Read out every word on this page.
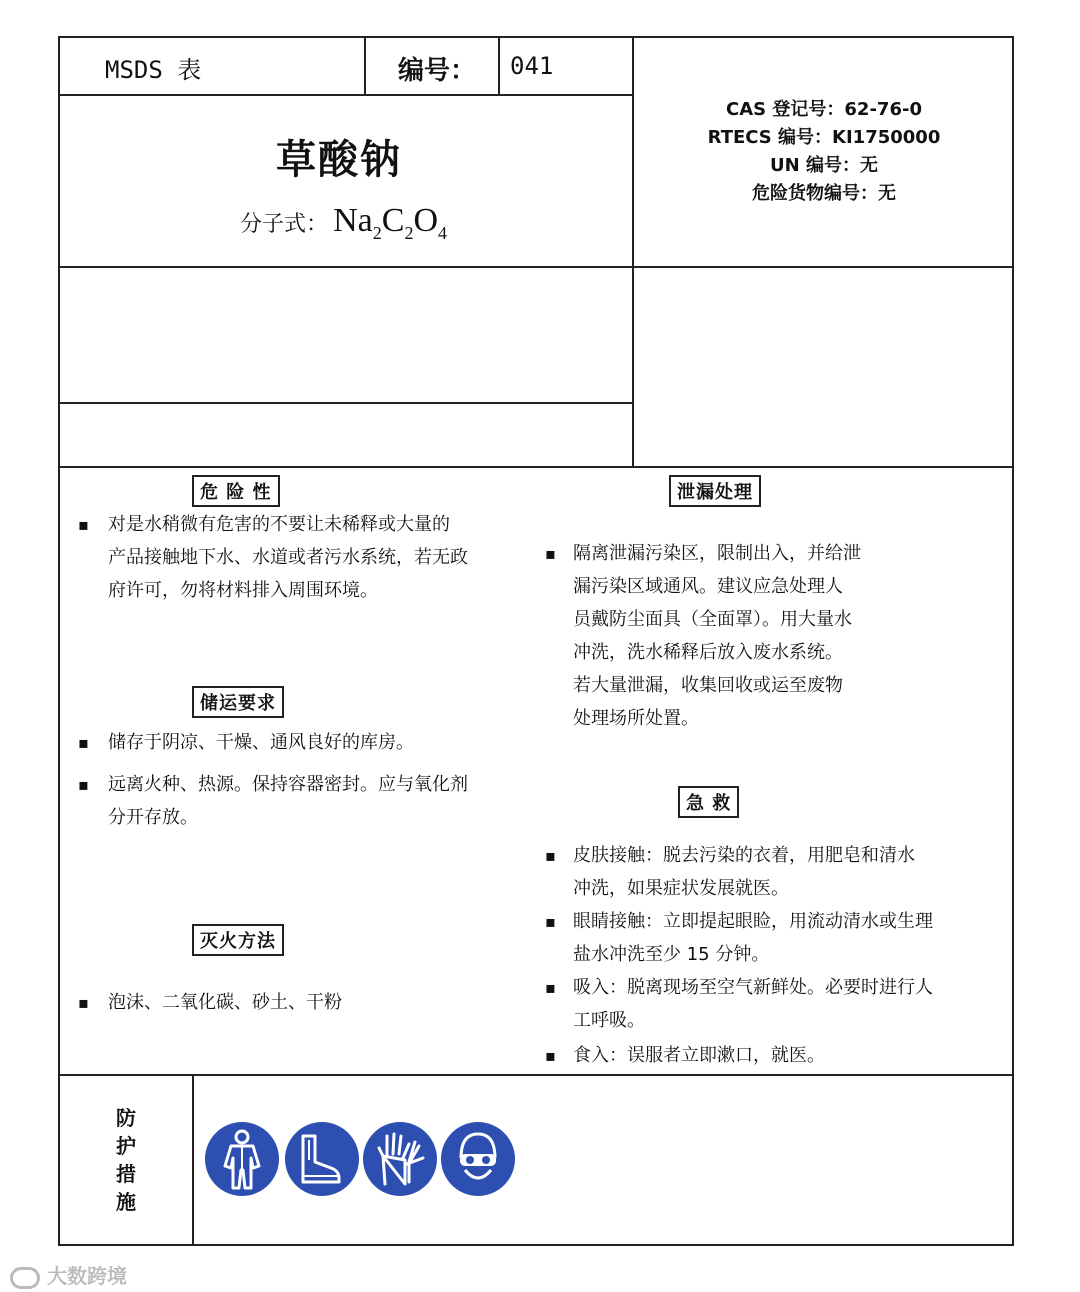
MSDS 表	编号： 041
草酸钠
分子式： $Na_2C_2O_4$
CAS 登记号：62-76-0
RTECS 编号：KI1750000
UN 编号：无
危险货物编号：无
危 险 性
▪ 对是水稍微有危害的不要让未稀释或大量的
产品接触地下水、水道或者污水系统，若无政
府许可，勿将材料排入周围环境。
储运要求
▪ 储存于阴凉、干燥、通风良好的库房。
▪ 远离火种、热源。保持容器密封。应与氧化剂
分开存放。
灭火方法
▪ 泡沫、二氧化碳、砂土、干粉
泄漏处理
▪ 隔离泄漏污染区，限制出入，并给泄
漏污染区域通风。建议应急处理人
员戴防尘面具（全面罩）。用大量水
冲洗，洗水稀释后放入废水系统。
若大量泄漏，收集回收或运至废物
处理场所处置。
急 救
▪ 皮肤接触：脱去污染的衣着，用肥皂和清水
冲洗，如果症状发展就医。
▪ 眼睛接触：立即提起眼睑，用流动清水或生理
盐水冲洗至少 15 分钟。
▪ 吸入：脱离现场至空气新鲜处。必要时进行人
工呼吸。
▪ 食入：误服者立即漱口，就医。
防
护
措
施
大数跨境
